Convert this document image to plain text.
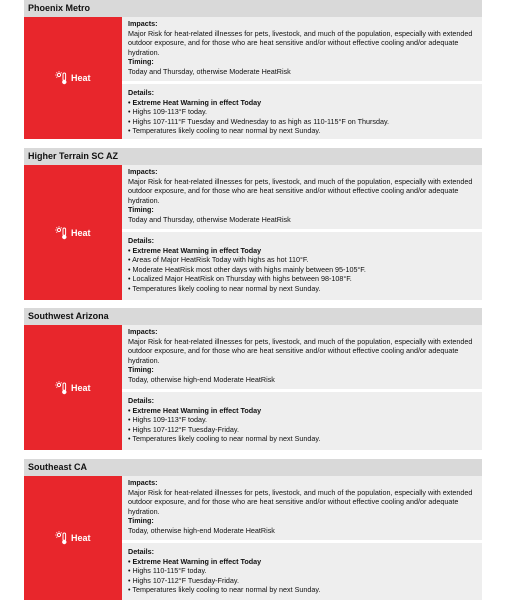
Phoenix Metro
Heat
Impacts:
Major Risk for heat-related illnesses for pets, livestock, and much of the population, especially with extended outdoor exposure, and for those who are heat sensitive and/or without effective cooling and/or adequate hydration.
Timing:
Today and Thursday, otherwise Moderate HeatRisk
Details:
• Extreme Heat Warning in effect Today
• Highs 109-113°F today.
• Highs 107-111°F Tuesday and Wednesday to as high as 110-115°F on Thursday.
• Temperatures likely cooling to near normal by next Sunday.
Higher Terrain SC AZ
Heat
Impacts:
Major Risk for heat-related illnesses for pets, livestock, and much of the population, especially with extended outdoor exposure, and for those who are heat sensitive and/or without effective cooling and/or adequate hydration.
Timing:
Today and Thursday, otherwise Moderate HeatRisk
Details:
• Extreme Heat Warning in effect Today
• Areas of Major HeatRisk Today with highs as hot 110°F.
• Moderate HeatRisk most other days with highs mainly between 95-105°F.
• Localized Major HeatRisk on Thursday with highs between 98-108°F.
• Temperatures likely cooling to near normal by next Sunday.
Southwest Arizona
Heat
Impacts:
Major Risk for heat-related illnesses for pets, livestock, and much of the population, especially with extended outdoor exposure, and for those who are heat sensitive and/or without effective cooling and/or adequate hydration.
Timing:
Today, otherwise high-end Moderate HeatRisk
Details:
• Extreme Heat Warning in effect Today
• Highs 109-113°F today.
• Highs 107-112°F Tuesday-Friday.
• Temperatures likely cooling to near normal by next Sunday.
Southeast CA
Heat
Impacts:
Major Risk for heat-related illnesses for pets, livestock, and much of the population, especially with extended outdoor exposure, and for those who are heat sensitive and/or without effective cooling and/or adequate hydration.
Timing:
Today, otherwise high-end Moderate HeatRisk
Details:
• Extreme Heat Warning in effect Today
• Highs 110-115°F today.
• Highs 107-112°F Tuesday-Friday.
• Temperatures likely cooling to near normal by next Sunday.
